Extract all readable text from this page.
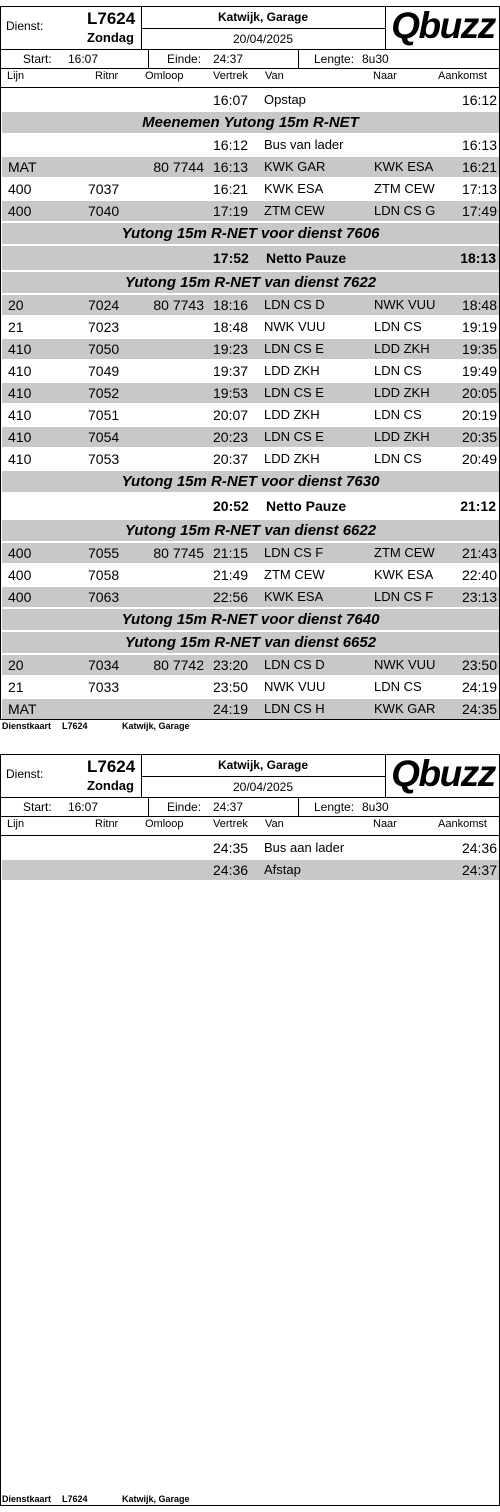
Dienst:	L7624
Zondag
Katwijk, Garage
20/04/2025	Qbuzz
Start: 16:07	Einde: 24:37	Lengte: 8u30
Lijn	Ritnr Omloop	Vertrek Van	Naar	Aankomst
16:07 Opstap	16:12
Meenemen Yutong 15m R-NET
16:12 Bus van lader	16:13
MAT	80 7744 16:13 KWK GAR	KWK ESA	16:21
400	7037	16:21 KWK ESA	ZTM CEW	17:13
400	7040	17:19 ZTM CEW	LDN CS G	17:49
Yutong 15m R-NET voor dienst 7606
17:52 Netto Pauze	18:13
Yutong 15m R-NET van dienst 7622
20	7024	80 7743 18:16 LDN CS D	NWK VUU	18:48
21	7023	18:48 NWK VUU	LDN CS	19:19
410	7050	19:23 LDN CS E	LDD ZKH	19:35
410	7049	19:37 LDD ZKH	LDN CS	19:49
410	7052	19:53 LDN CS E	LDD ZKH	20:05
410	7051	20:07 LDD ZKH	LDN CS	20:19
410	7054	20:23 LDN CS E	LDD ZKH	20:35
410	7053	20:37 LDD ZKH	LDN CS	20:49
Yutong 15m R-NET voor dienst 7630
20:52 Netto Pauze	21:12
Yutong 15m R-NET van dienst 6622
400	7055	80 7745 21:15 LDN CS F	ZTM CEW	21:43
400	7058	21:49 ZTM CEW	KWK ESA	22:40
400	7063	22:56 KWK ESA	LDN CS F	23:13
Yutong 15m R-NET voor dienst 7640
Yutong 15m R-NET van dienst 6652
20	7034	80 7742 23:20 LDN CS D	NWK VUU	23:50
21	7033	23:50 NWK VUU	LDN CS	24:19
MAT	24:19 LDN CS H	KWK GAR	24:35
Dienstkaart L7624	Katwijk, Garage
Dienst:	L7624
Zondag
Katwijk, Garage
20/04/2025	Qbuzz
Start: 16:07	Einde: 24:37	Lengte: 8u30
Lijn	Ritnr Omloop	Vertrek Van	Naar	Aankomst
24:35 Bus aan lader	24:36
24:36 Afstap	24:37
Dienstkaart L7624	Katwijk, Garage
